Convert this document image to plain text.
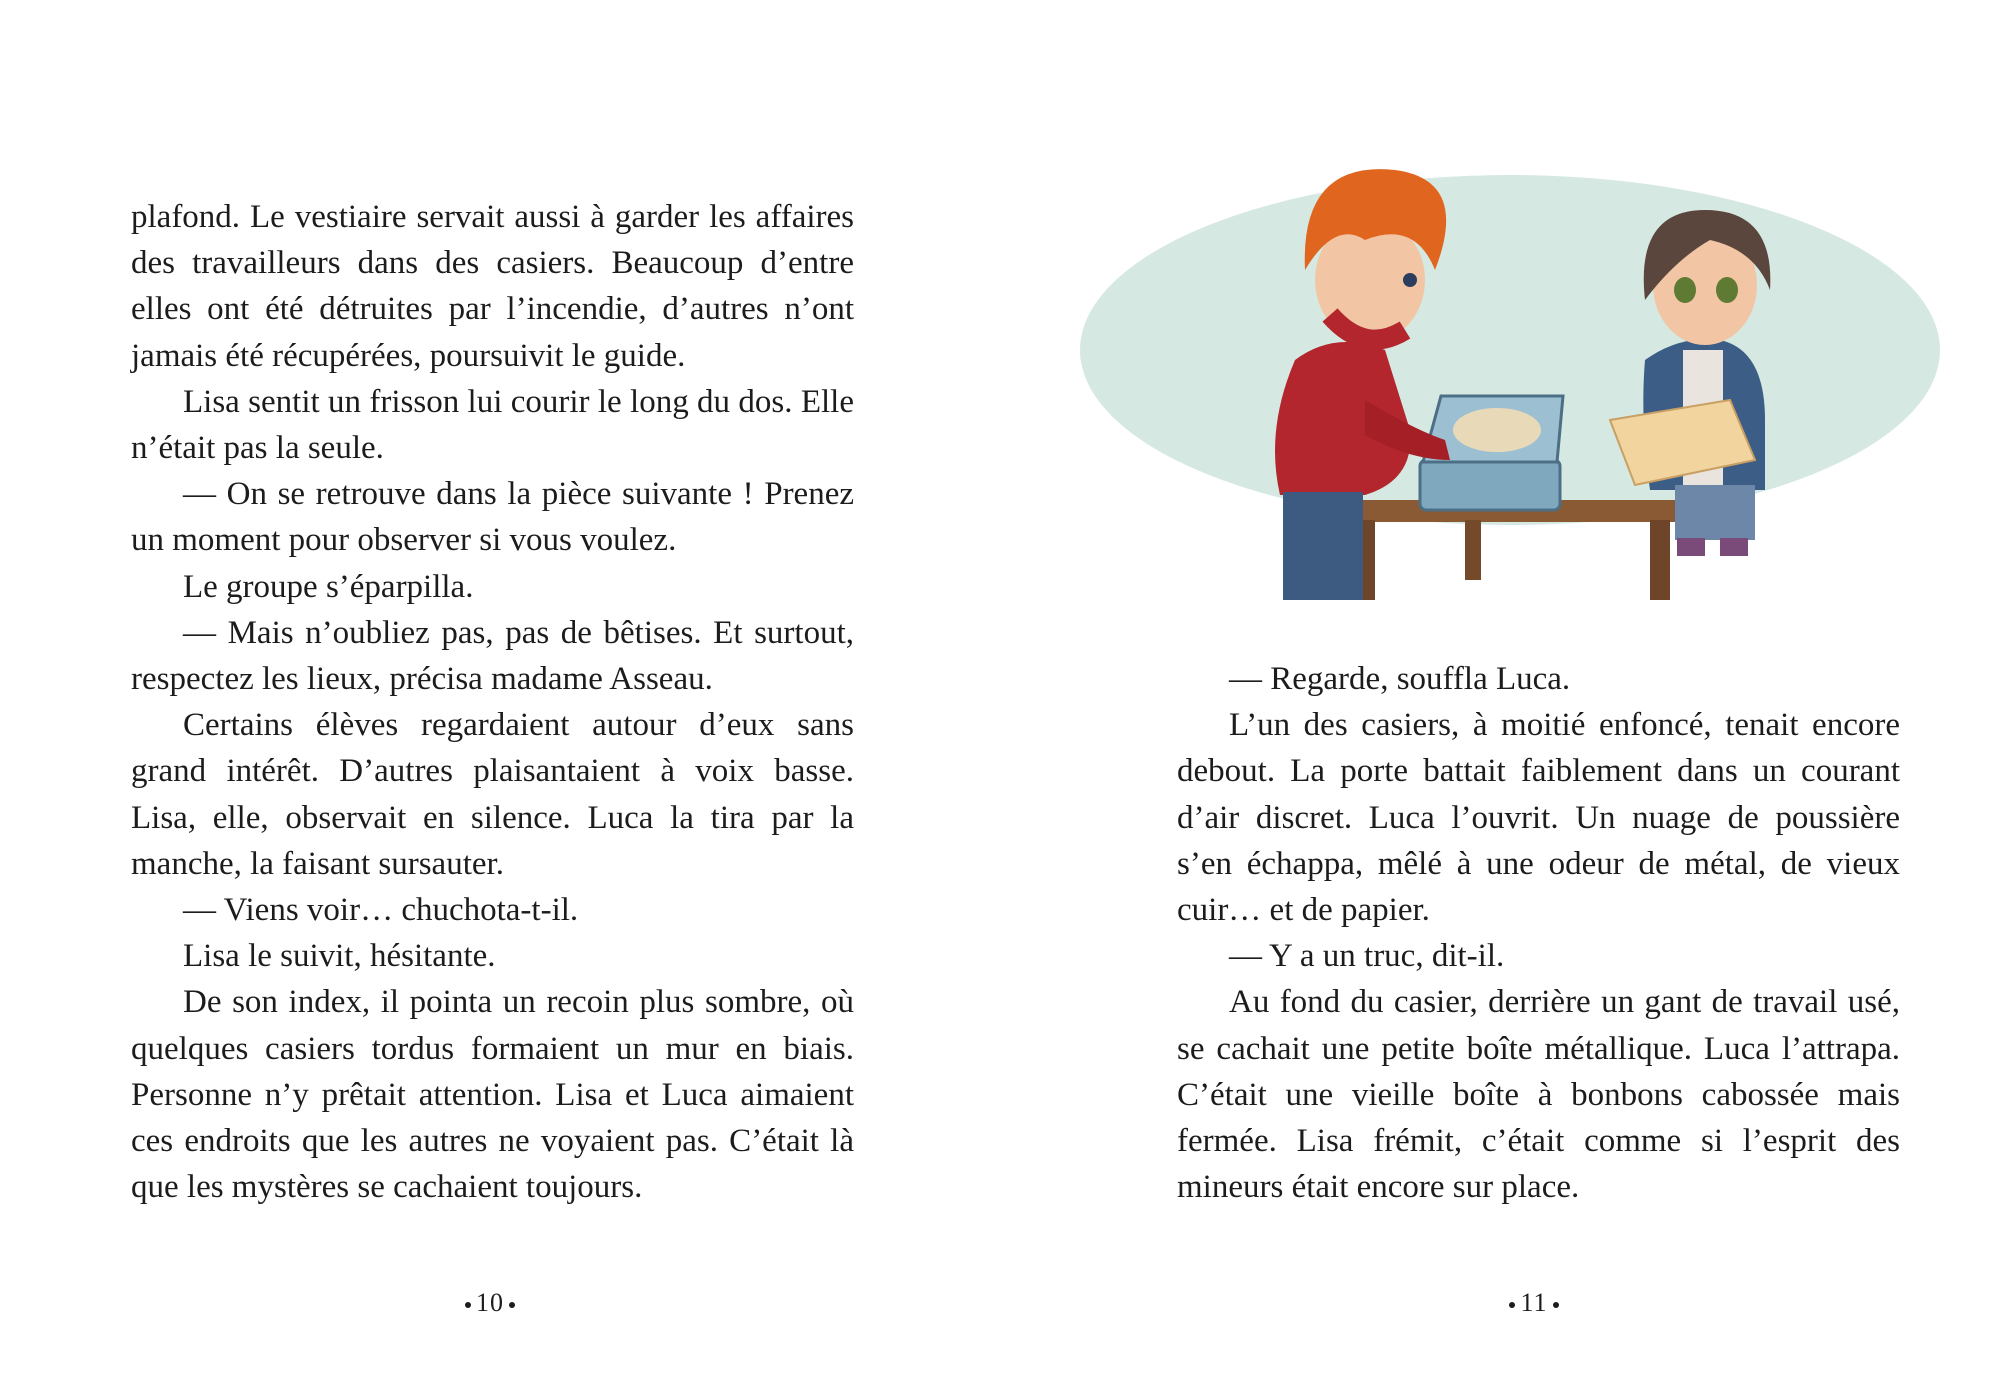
plafond. Le vestiaire servait aussi à garder les affaires des travailleurs dans des casiers. Beaucoup d’entre elles ont été détruites par l’incendie, d’autres n’ont jamais été récupérées, poursuivit le guide.

Lisa sentit un frisson lui courir le long du dos. Elle n’était pas la seule.

— On se retrouve dans la pièce suivante ! Prenez un moment pour observer si vous voulez.

Le groupe s’éparpilla.

— Mais n’oubliez pas, pas de bêtises. Et surtout, respectez les lieux, précisa madame Asseau.

Certains élèves regardaient autour d’eux sans grand intérêt. D’autres plaisantaient à voix basse. Lisa, elle, observait en silence. Luca la tira par la manche, la faisant sursauter.

— Viens voir… chuchota-t-il.

Lisa le suivit, hésitante.

De son index, il pointa un recoin plus sombre, où quelques casiers tordus formaient un mur en biais. Personne n’y prêtait attention. Lisa et Luca aimaient ces endroits que les autres ne voyaient pas. C’était là que les mystères se cachaient toujours.

10

— Regarde, souffla Luca.

L’un des casiers, à moitié enfoncé, tenait encore debout. La porte battait faiblement dans un courant d’air discret. Luca l’ouvrit. Un nuage de poussière s’en échappa, mêlé à une odeur de métal, de vieux cuir… et de papier.

— Y a un truc, dit-il.

Au fond du casier, derrière un gant de travail usé, se cachait une petite boîte métallique. Luca l’attrapa. C’était une vieille boîte à bonbons cabossée mais fermée. Lisa frémit, c’était comme si l’esprit des mineurs était encore sur place.

11
